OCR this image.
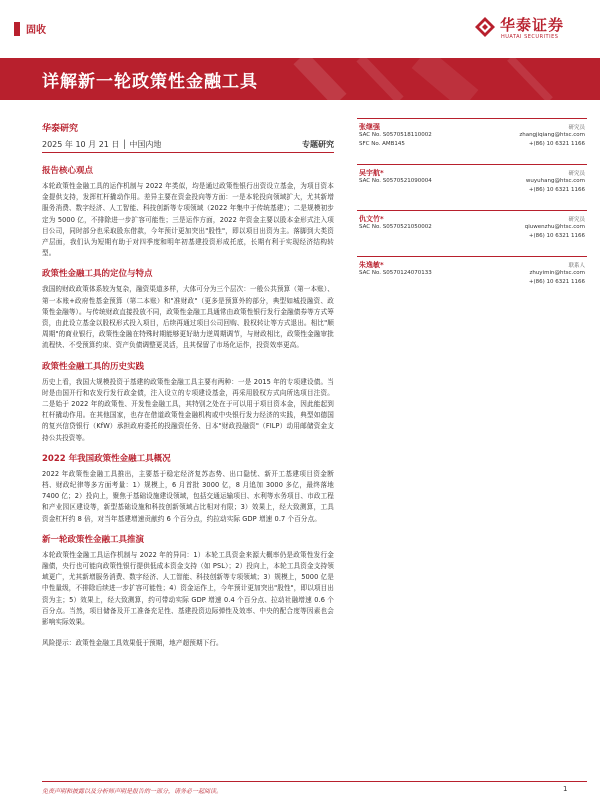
固收	华泰证券
HUATAI SECURITIES
详解新一轮政策性金融工具
华泰研究
2025 年 10 月 21 日 │ 中国内地	专题研究
报告核心观点
本轮政策性金融工具的运作机制与 2022 年类似，均是通过政策性银行出资设立基金，为项目资本金提供支持，发挥杠杆撬动作用。差异主要在资金投向等方面：一是本轮投向领域扩大，尤其新增服务消费、数字经济、人工智能、科技创新等专项领域（2022 年集中于传统基建）；二是规模初步定为 5000 亿，不排除进一步扩容可能性；三是运作方面，2022 年资金主要以股本金形式注入项目公司，同时部分也采取股东借款，今年预计更加突出"股性"，即以项目出资为主。落脚到大类资产层面，我们认为短期有助于对四季度和明年初基建投资形成托底，长期有利于实现经济结构转型。
政策性金融工具的定位与特点
我国的财政政策体系较为复杂，融资渠道多样，大体可分为三个层次：一般公共预算（第一本账）、第一本账+政府性基金预算（第二本账）和"准财政"（更多是预算外的部分，典型如城投融资、政策性金融等）。与传统财政直接投放不同，政策性金融工具通常由政策性银行发行金融债券等方式筹资，由此设立基金以股权形式投入项目，后续再通过项目公司回购、股权转让等方式退出。相比"顺周期"的商业银行，政策性金融在特殊时期能够更好助力逆周期调节，与财政相比，政策性金融审批流程快、不受预算约束、资产负债调整更灵活，且其保留了市场化运作，投资效率更高。
政策性金融工具的历史实践
历史上看，我国大规模投资于基建的政策性金融工具主要有两种：一是 2015 年的专项建设债。当时是由国开行和农发行发行政金债，注入设立的专项建设基金，再采用股权方式向所选项目注资。二是始于 2022 年的政策性、开发性金融工具，其特别之处在于可以用于项目资本金，因此能起到杠杆撬动作用。在其他国家，也存在借道政策性金融机构或中央银行发力经济的实践，典型如德国的复兴信贷银行（KfW）承担政府委托的投融资任务、日本"财政投融资"（FILP）动用邮储资金支持公共投资等。
2022 年我国政策性金融工具概况
2022 年政策性金融工具推出，主要基于稳定经济复苏态势、出口隐忧、新开工基建项目资金断档、财政纪律等多方面考量：1）规模上，6 月首批 3000 亿，8 月追加 3000 多亿，最终落地 7400 亿；2）投向上，聚焦于基础设施建设领域，包括交通运输项目、水利等水务项目、市政工程和产业园区建设等，新型基础设施和科技创新领域占比相对有限；3）效果上，经大致测算，工具资金杠杆约 8 倍，对当年基建增速贡献约 6 个百分点，约拉动实际 GDP 增速 0.7 个百分点。
新一轮政策性金融工具推演
本轮政策性金融工具运作机制与 2022 年的异同：1）本轮工具资金来源大概率仍是政策性发行金融债，央行也可能向政策性银行提供低成本资金支持（如 PSL）；2）投向上，本轮工具资金支持领域更广，尤其新增服务消费、数字经济、人工智能、科技创新等专项领域；3）规模上，5000 亿是中性量级，不排除后续进一步扩容可能性；4）资金运作上，今年预计更加突出"股性"，即以项目出资为主；5）效果上，经大致测算，约可带动实际 GDP 增速 0.4 个百分点、拉动社融增速 0.6 个百分点。当然，项目储备及开工准备充足性、基建投资边际弹性及效率、中央的配合度等因素也会影响实际效果。
风险提示：政策性金融工具效果低于预期，地产超预期下行。
张继强	研究员
SAC No. S0570518110002	zhangjiqiang@htsc.com
SFC No. AMB145	+(86) 10 6321 1166
吴宇航*	研究员
SAC No. S0570521090004	wuyuhang@htsc.com
+(86) 10 6321 1166
仇文竹*	研究员
SAC No. S0570521050002	qiuwenzhu@htsc.com
+(86) 10 6321 1166
朱逸敏*	联系人
SAC No. S0570124070133	zhuyimin@htsc.com
+(86) 10 6321 1166
免责声明和披露以及分析师声明是报告的一部分，请务必一起阅读。	1
